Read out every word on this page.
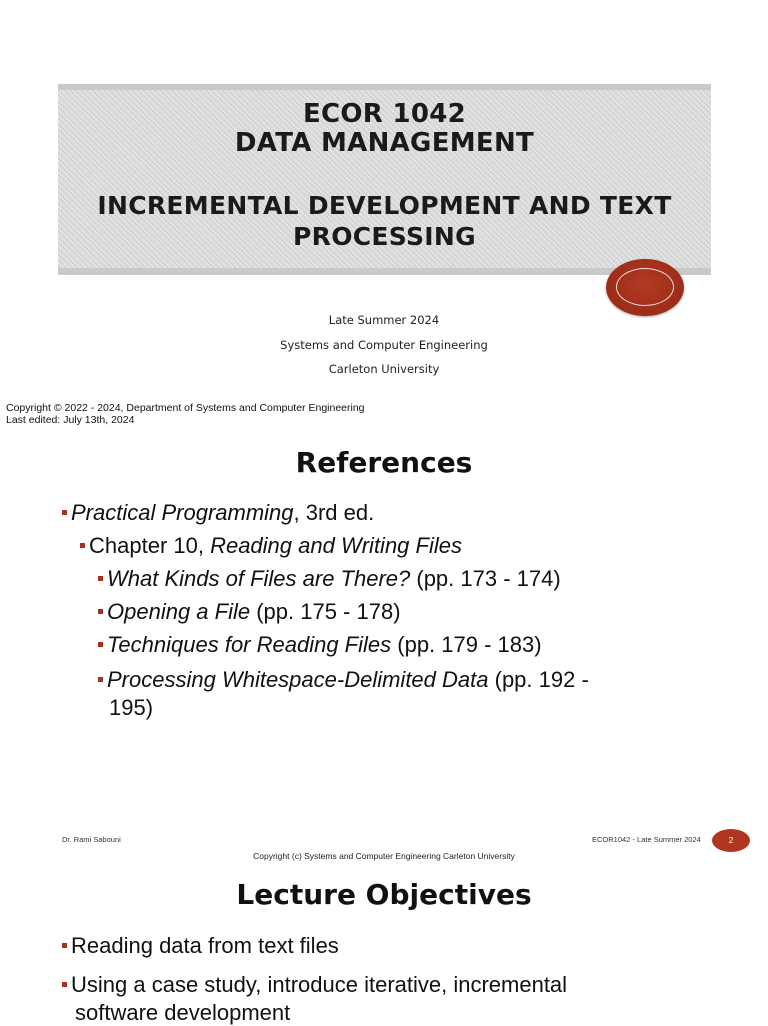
ECOR 1042
DATA MANAGEMENT
INCREMENTAL DEVELOPMENT AND TEXT
PROCESSING
Late Summer 2024
Systems and Computer Engineering
Carleton University
Copyright © 2022 - 2024, Department of Systems and Computer Engineering
Last edited: July 13th, 2024
References
Practical Programming, 3rd ed.
Chapter 10, Reading and Writing Files
What Kinds of Files are There? (pp. 173 - 174)
Opening a File (pp. 175 - 178)
Techniques for Reading Files (pp. 179 - 183)
Processing Whitespace-Delimited Data (pp. 192 -
195)
Dr. Rami Sabouni	ECOR1042 - Late Summer 2024	2
Copyright (c) Systems and Computer Engineering Carleton University
Lecture Objectives
Reading data from text files
Using a case study, introduce iterative, incremental
software development
